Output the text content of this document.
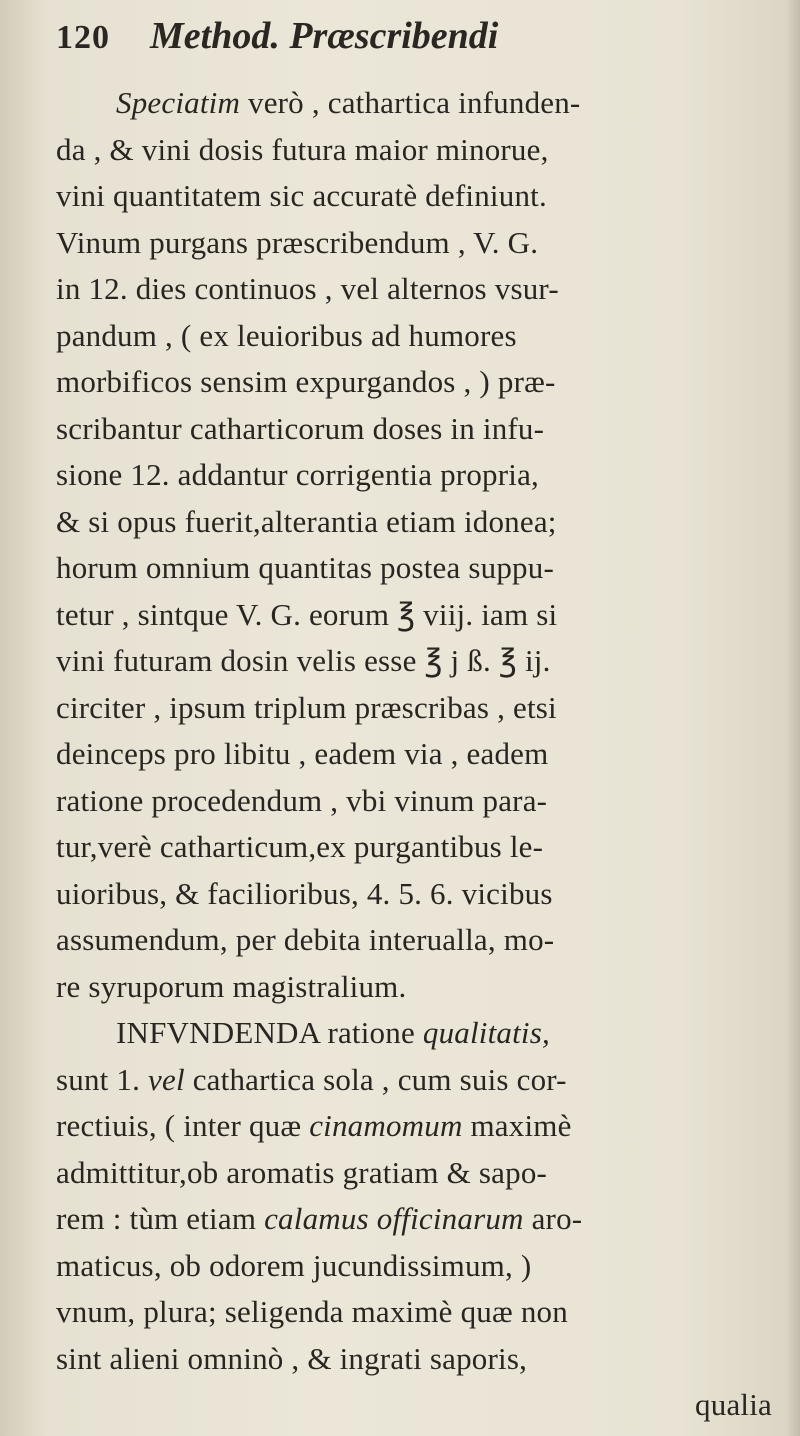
120 Method. Præscribendi
Speciatim verò , cathartica infunden-
da , & vini dosis futura maior minorue,
vini quantitatem sic accuratè definiunt.
Vinum purgans præscribendum , V. G.
in 12. dies continuos , vel alternos vsur-
pandum , ( ex leuioribus ad humores
morbificos sensim expurgandos , ) præ-
scribantur catharticorum doses in infu-
sione 12. addantur corrigentia propria,
& si opus fuerit,alterantia etiam idonea;
horum omnium quantitas postea suppu-
tetur , sintque V. G. eorum ℥ viij. iam si
vini futuram dosin velis esse ℥ j ß. ℥ ij.
circiter , ipsum triplum præscribas , etsi
deinceps pro libitu , eadem via , eadem
ratione procedendum , vbi vinum para-
tur,verè catharticum,ex purgantibus le-
uioribus, & facilioribus, 4. 5. 6. vicibus
assumendum, per debita interualla, mo-
re syruporum magistralium.
INFVNDENDA ratione qualitatis,
sunt 1. vel cathartica sola , cum suis cor-
rectiuis, ( inter quæ cinamomum maximè
admittitur,ob aromatis gratiam & sapo-
rem : tùm etiam calamus officinarum aro-
maticus, ob odorem jucundissimum, )
vnum, plura; seligenda maximè quæ non
sint alieni omninò , & ingrati saporis,
qualia
